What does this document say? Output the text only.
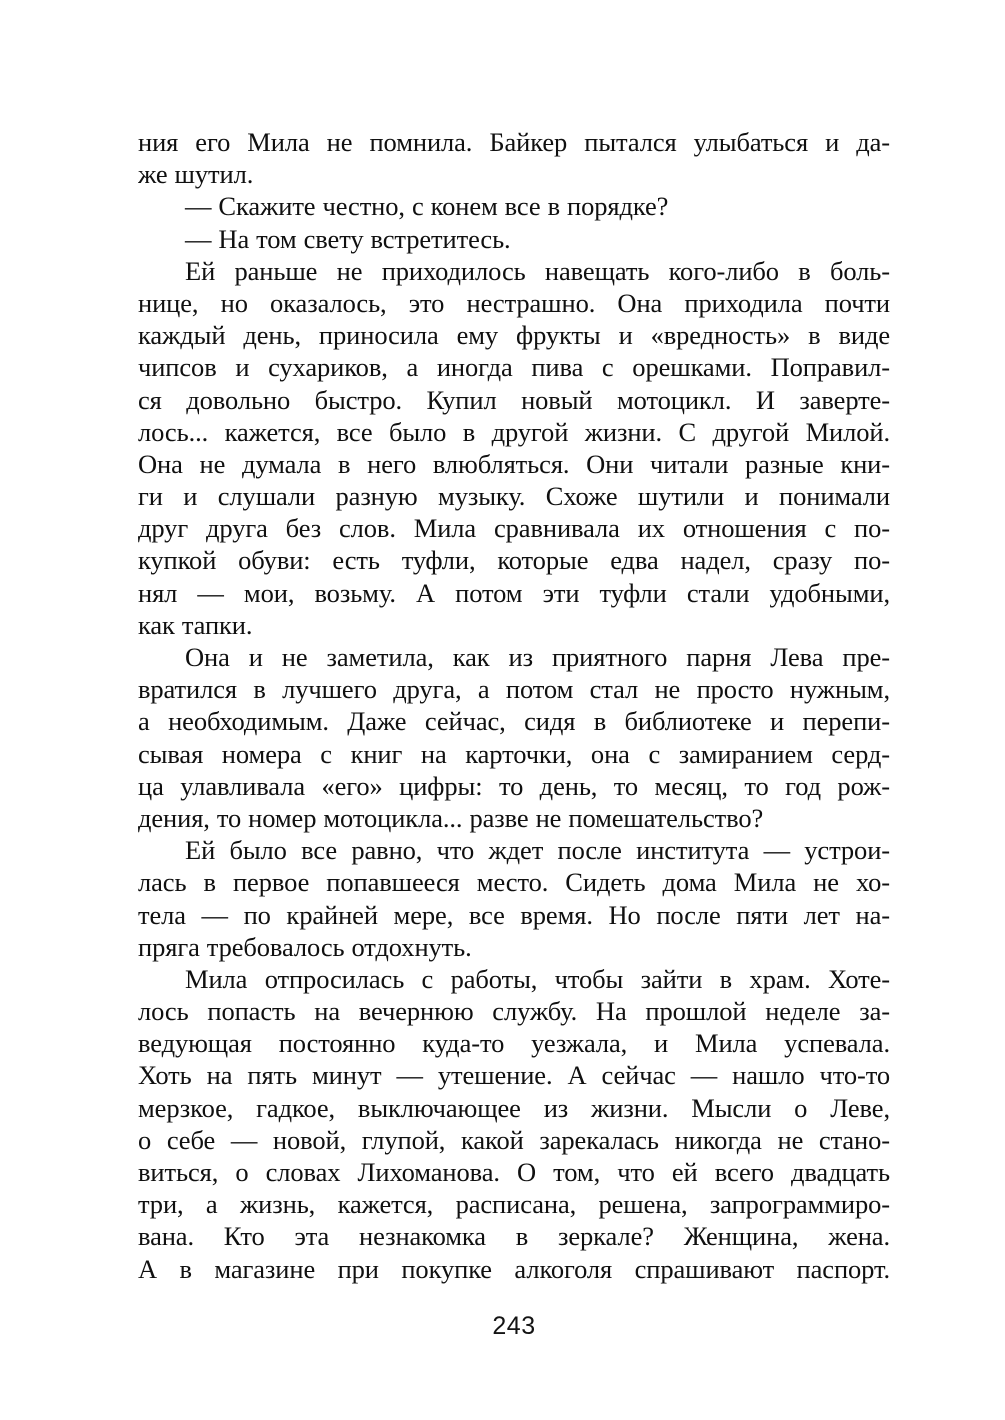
ния его Мила не помнила. Байкер пытался улыбаться и да-
же шутил.
— Скажите честно, с конем все в порядке?
— На том свету встретитесь.
Ей раньше не приходилось навещать кого-либо в боль-
нице, но оказалось, это нестрашно. Она приходила почти
каждый день, приносила ему фрукты и «вредность» в виде
чипсов и сухариков, а иногда пива с орешками. Поправил-
ся довольно быстро. Купил новый мотоцикл. И заверте-
лось... кажется, все было в другой жизни. С другой Милой.
Она не думала в него влюбляться. Они читали разные кни-
ги и слушали разную музыку. Схоже шутили и понимали
друг друга без слов. Мила сравнивала их отношения с по-
купкой обуви: есть туфли, которые едва надел, сразу по-
нял — мои, возьму. А потом эти туфли стали удобными,
как тапки.
Она и не заметила, как из приятного парня Лева пре-
вратился в лучшего друга, а потом стал не просто нужным,
а необходимым. Даже сейчас, сидя в библиотеке и перепи-
сывая номера с книг на карточки, она с замиранием серд-
ца улавливала «его» цифры: то день, то месяц, то год рож-
дения, то номер мотоцикла... разве не помешательство?
Ей было все равно, что ждет после института — устрои-
лась в первое попавшееся место. Сидеть дома Мила не хо-
тела — по крайней мере, все время. Но после пяти лет на-
пряга требовалось отдохнуть.
Мила отпросилась с работы, чтобы зайти в храм. Хоте-
лось попасть на вечернюю службу. На прошлой неделе за-
ведующая постоянно куда-то уезжала, и Мила успевала.
Хоть на пять минут — утешение. А сейчас — нашло что-то
мерзкое, гадкое, выключающее из жизни. Мысли о Леве,
о себе — новой, глупой, какой зарекалась никогда не стано-
виться, о словах Лихоманова. О том, что ей всего двадцать
три, а жизнь, кажется, расписана, решена, запрограммиро-
вана. Кто эта незнакомка в зеркале? Женщина, жена.
А в магазине при покупке алкоголя спрашивают паспорт.
243
